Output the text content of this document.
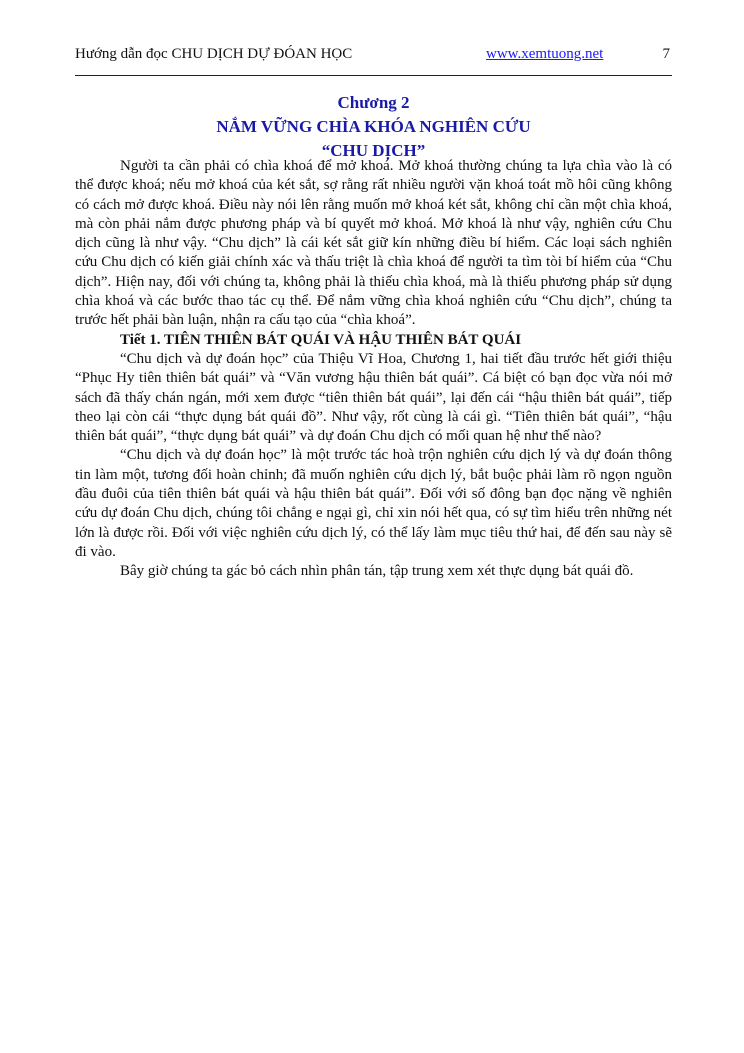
Hướng dẫn đọc CHU DỊCH DỰ ĐÓAN HỌC	www.xemtuong.net	7
Chương 2
NẮM VỮNG CHÌA KHÓA NGHIÊN CỨU
“CHU DỊCH”

Người ta cần phải có chìa khoá để mở khoá. Mở khoá thường chúng ta lựa chìa vào là có thể được khoá; nếu mở khoá của két sắt, sợ rằng rất nhiều người vặn khoá toát mồ hôi cũng không có cách mở được khoá. Điều này nói lên rằng muốn mở khoá két sắt, không chỉ cần một chìa khoá, mà còn phải nắm được phương pháp và bí quyết mở khoá. Mở khoá là như vậy, nghiên cứu Chu dịch cũng là như vậy. “Chu dịch” là cái két sắt giữ kín những điều bí hiểm. Các loại sách nghiên cứu Chu dịch có kiến giải chính xác và thấu triệt là chìa khoá để người ta tìm tòi bí hiểm của “Chu dịch”. Hiện nay, đối với chúng ta, không phải là thiếu chìa khoá, mà là thiếu phương pháp sử dụng chìa khoá và các bước thao tác cụ thể. Để nắm vững chìa khoá nghiên cứu “Chu dịch”, chúng ta trước hết phải bàn luận, nhận ra cấu tạo của “chìa khoá”.

Tiết 1. TIÊN THIÊN BÁT QUÁI VÀ HẬU THIÊN BÁT QUÁI

“Chu dịch và dự đoán học” của Thiệu Vĩ Hoa, Chương 1, hai tiết đầu trước hết giới thiệu “Phục Hy tiên thiên bát quái” và “Văn vương hậu thiên bát quái”. Cá biệt có bạn đọc vừa nói mở sách đã thấy chán ngán, mới xem được “tiên thiên bát quái”, lại đến cái “hậu thiên bát quái”, tiếp theo lại còn cái “thực dụng bát quái đồ”. Như vậy, rốt cùng là cái gì. “Tiên thiên bát quái”, “hậu thiên bát quái”, “thực dụng bát quái” và dự đoán Chu dịch có mối quan hệ như thế nào?

“Chu dịch và dự đoán học” là một trước tác hoà trộn nghiên cứu dịch lý và dự đoán thông tin làm một, tương đối hoàn chỉnh; đã muốn nghiên cứu dịch lý, bắt buộc phải làm rõ ngọn nguồn đầu đuôi của tiên thiên bát quái và hậu thiên bát quái”. Đối với số đông bạn đọc nặng về nghiên cứu dự đoán Chu dịch, chúng tôi chẳng e ngại gì, chỉ xin nói hết qua, có sự tìm hiểu trên những nét lớn là được rồi. Đối với việc nghiên cứu dịch lý, có thể lấy làm mục tiêu thứ hai, để đến sau này sẽ đi vào.

Bây giờ chúng ta gác bỏ cách nhìn phân tán, tập trung xem xét thực dụng bát quái đồ.
